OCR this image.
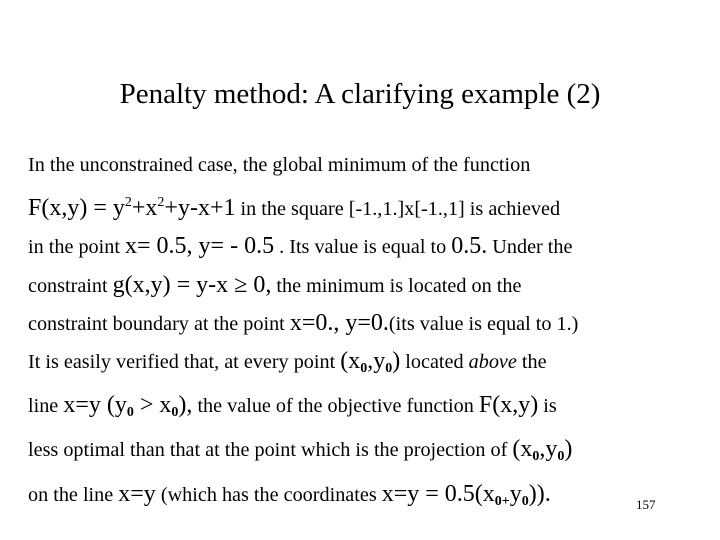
Penalty method: A clarifying example (2)
In the unconstrained case, the global minimum of the function
$F(x,y) = y^2+x^2+y-x+1$ in the square [-1.,1.]x[-1.,1] is achieved
in the point x= 0.5, y= - 0.5 . Its value is equal to 0.5. Under the
constraint g(x,y) = y-x ≥ 0, the minimum is located on the
constraint boundary at the point x=0., y=0.(its value is equal to 1.)
It is easily verified that, at every point $(x_0,y_0)$ located above the
line x=y $(y_0 > x_0)$, the value of the objective function F(x,y) is
less optimal than that at the point which is the projection of $(x_0,y_0)$
on the line x=y (which has the coordinates $x=y = 0.5(x_{0+}y_0)$).	157
